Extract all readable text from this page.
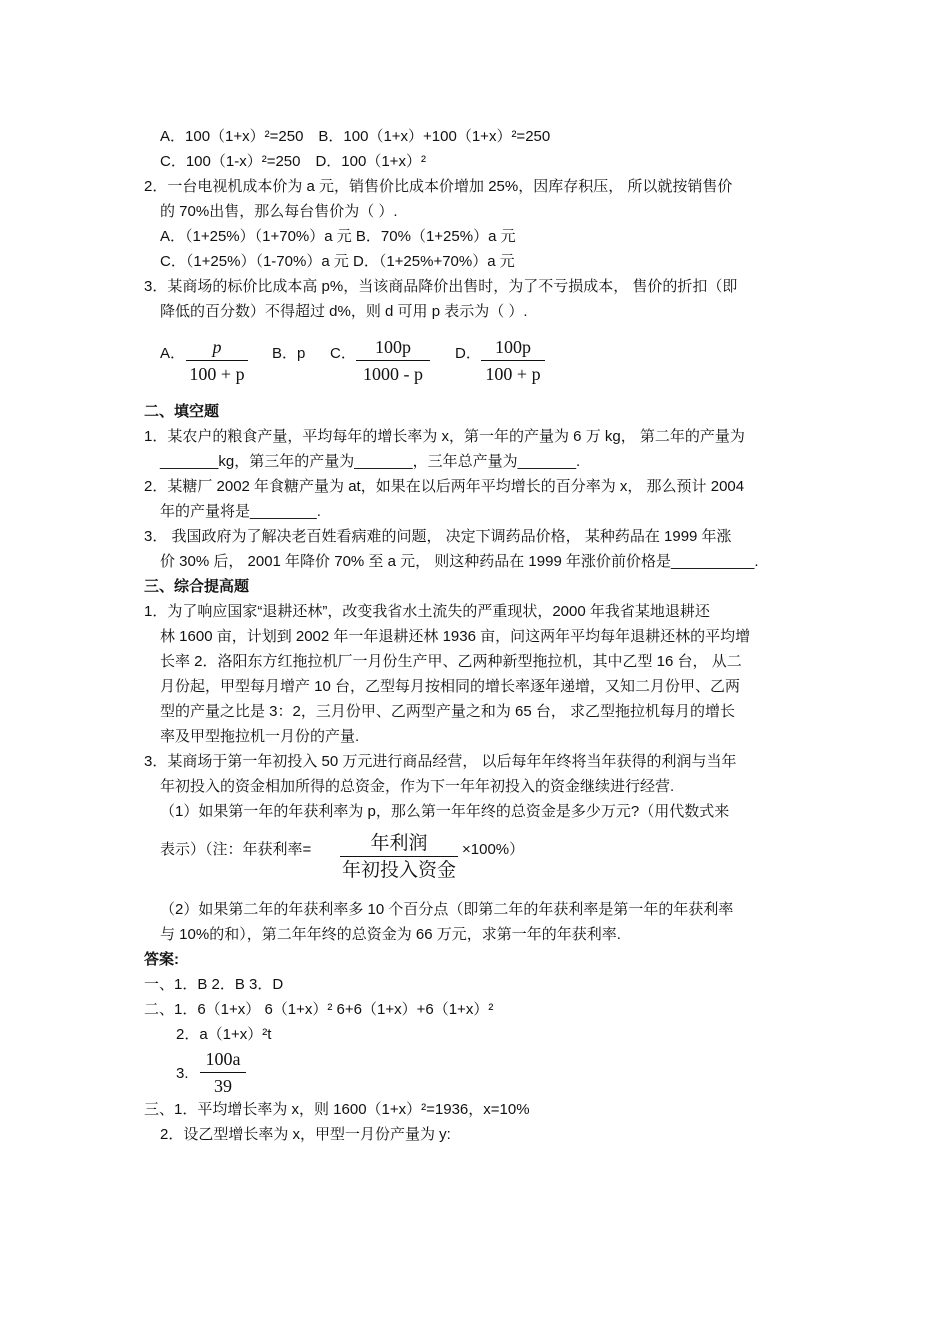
A．100（1+x）²=250　B．100（1+x）+100（1+x）²=250
C．100（1-x）²=250　D．100（1+x）²
2．一台电视机成本价为 a 元，销售价比成本价增加 25%，因库存积压， 所以就按销售价
的 70%出售，那么每台售价为（ ）.
A．（1+25%）（1+70%）a 元 B．70%（1+25%）a 元
C．（1+25%）（1-70%）a 元 D．（1+25%+70%）a 元
3．某商场的标价比成本高 p%，当该商品降价出售时，为了不亏损成本， 售价的折扣（即
降低的百分数）不得超过 d%，则 d 可用 p 表示为（ ）.
A．	p
100 + p
B．p C．	100p
1000 - p
D． 100p
100 + p
二、填空题
1．某农户的粮食产量，平均每年的增长率为 x，第一年的产量为 6 万 kg， 第二年的产量为
_______kg，第三年的产量为_______，三年总产量为_______.
2．某糖厂 2002 年食糖产量为 at，如果在以后两年平均增长的百分率为 x， 那么预计 2004
年的产量将是________.
3． 我国政府为了解决老百姓看病难的问题， 决定下调药品价格， 某种药品在 1999 年涨
价 30% 后， 2001 年降价 70% 至 a 元， 则这种药品在 1999 年涨价前价格是__________.
三、综合提高题
1．为了响应国家“退耕还林”，改变我省水土流失的严重现状，2000 年我省某地退耕还
林 1600 亩，计划到 2002 年一年退耕还林 1936 亩，问这两年平均每年退耕还林的平均增
长率 2．洛阳东方红拖拉机厂一月份生产甲、乙两种新型拖拉机，其中乙型 16 台， 从二
月份起，甲型每月增产 10 台，乙型每月按相同的增长率逐年递增，又知二月份甲、乙两
型的产量之比是 3：2，三月份甲、乙两型产量之和为 65 台， 求乙型拖拉机每月的增长
率及甲型拖拉机一月份的产量.
3．某商场于第一年初投入 50 万元进行商品经营， 以后每年年终将当年获得的利润与当年
年初投入的资金相加所得的总资金，作为下一年年初投入的资金继续进行经营.
（1）如果第一年的年获利率为 p，那么第一年年终的总资金是多少万元?（用代数式来
表示）（注：年获利率=	年利润
年初投入资金
×100%）
（2）如果第二年的年获利率多 10 个百分点（即第二年的年获利率是第一年的年获利率
与 10%的和），第二年年终的总资金为 66 万元，求第一年的年获利率.
答案:
一、1．B 2．B 3．D
二、1．6（1+x） 6（1+x）² 6+6（1+x）+6（1+x）²
2．a（1+x）²t
3.
100a
39
三、1．平均增长率为 x，则 1600（1+x）²=1936，x=10%
2．设乙型增长率为 x，甲型一月份产量为 y:
